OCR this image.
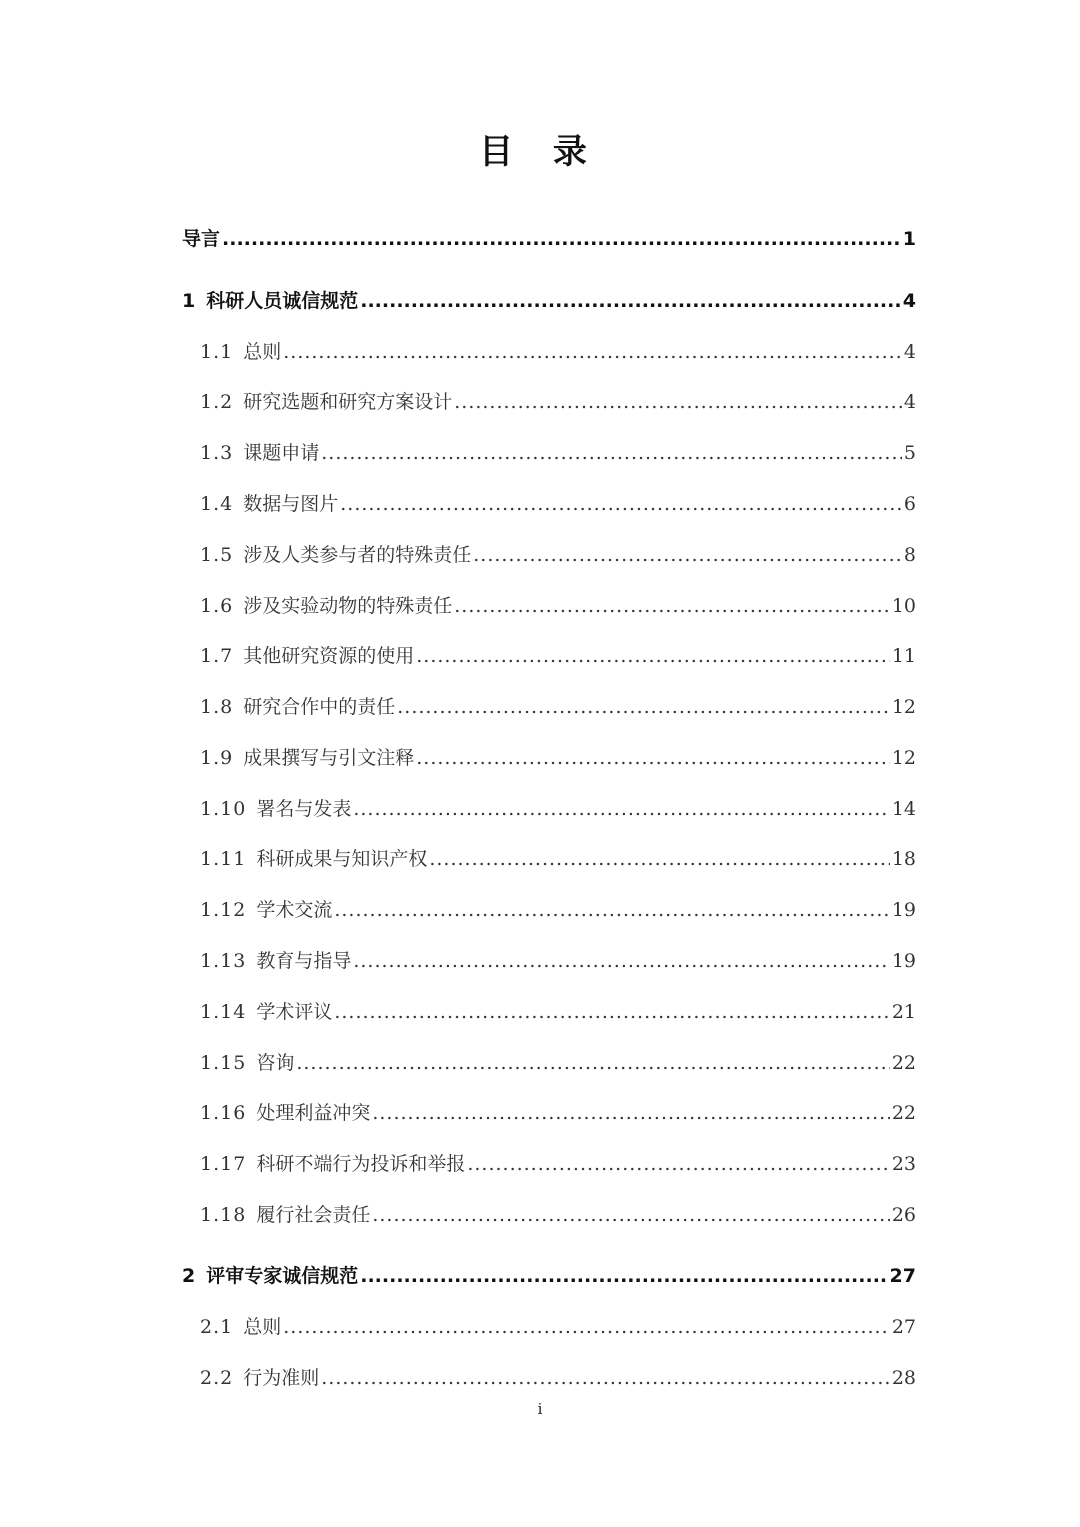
目 录
导言 .....	1
1 科研人员诚信规范 .....	4
1.1 总则 .....	4
1.2 研究选题和研究方案设计 .....	4
1.3 课题申请 .....	5
1.4 数据与图片 .....	6
1.5 涉及人类参与者的特殊责任 .....	8
1.6 涉及实验动物的特殊责任 .....	10
1.7 其他研究资源的使用 .....	11
1.8 研究合作中的责任 .....	12
1.9 成果撰写与引文注释 .....	12
1.10 署名与发表 .....	14
1.11 科研成果与知识产权 .....	18
1.12 学术交流 .....	19
1.13 教育与指导 .....	19
1.14 学术评议 .....	21
1.15 咨询 .....	22
1.16 处理利益冲突 .....	22
1.17 科研不端行为投诉和举报 .....	23
1.18 履行社会责任 .....	26
2 评审专家诚信规范 .....	27
2.1 总则 .....	27
2.2 行为准则 .....	28
i
